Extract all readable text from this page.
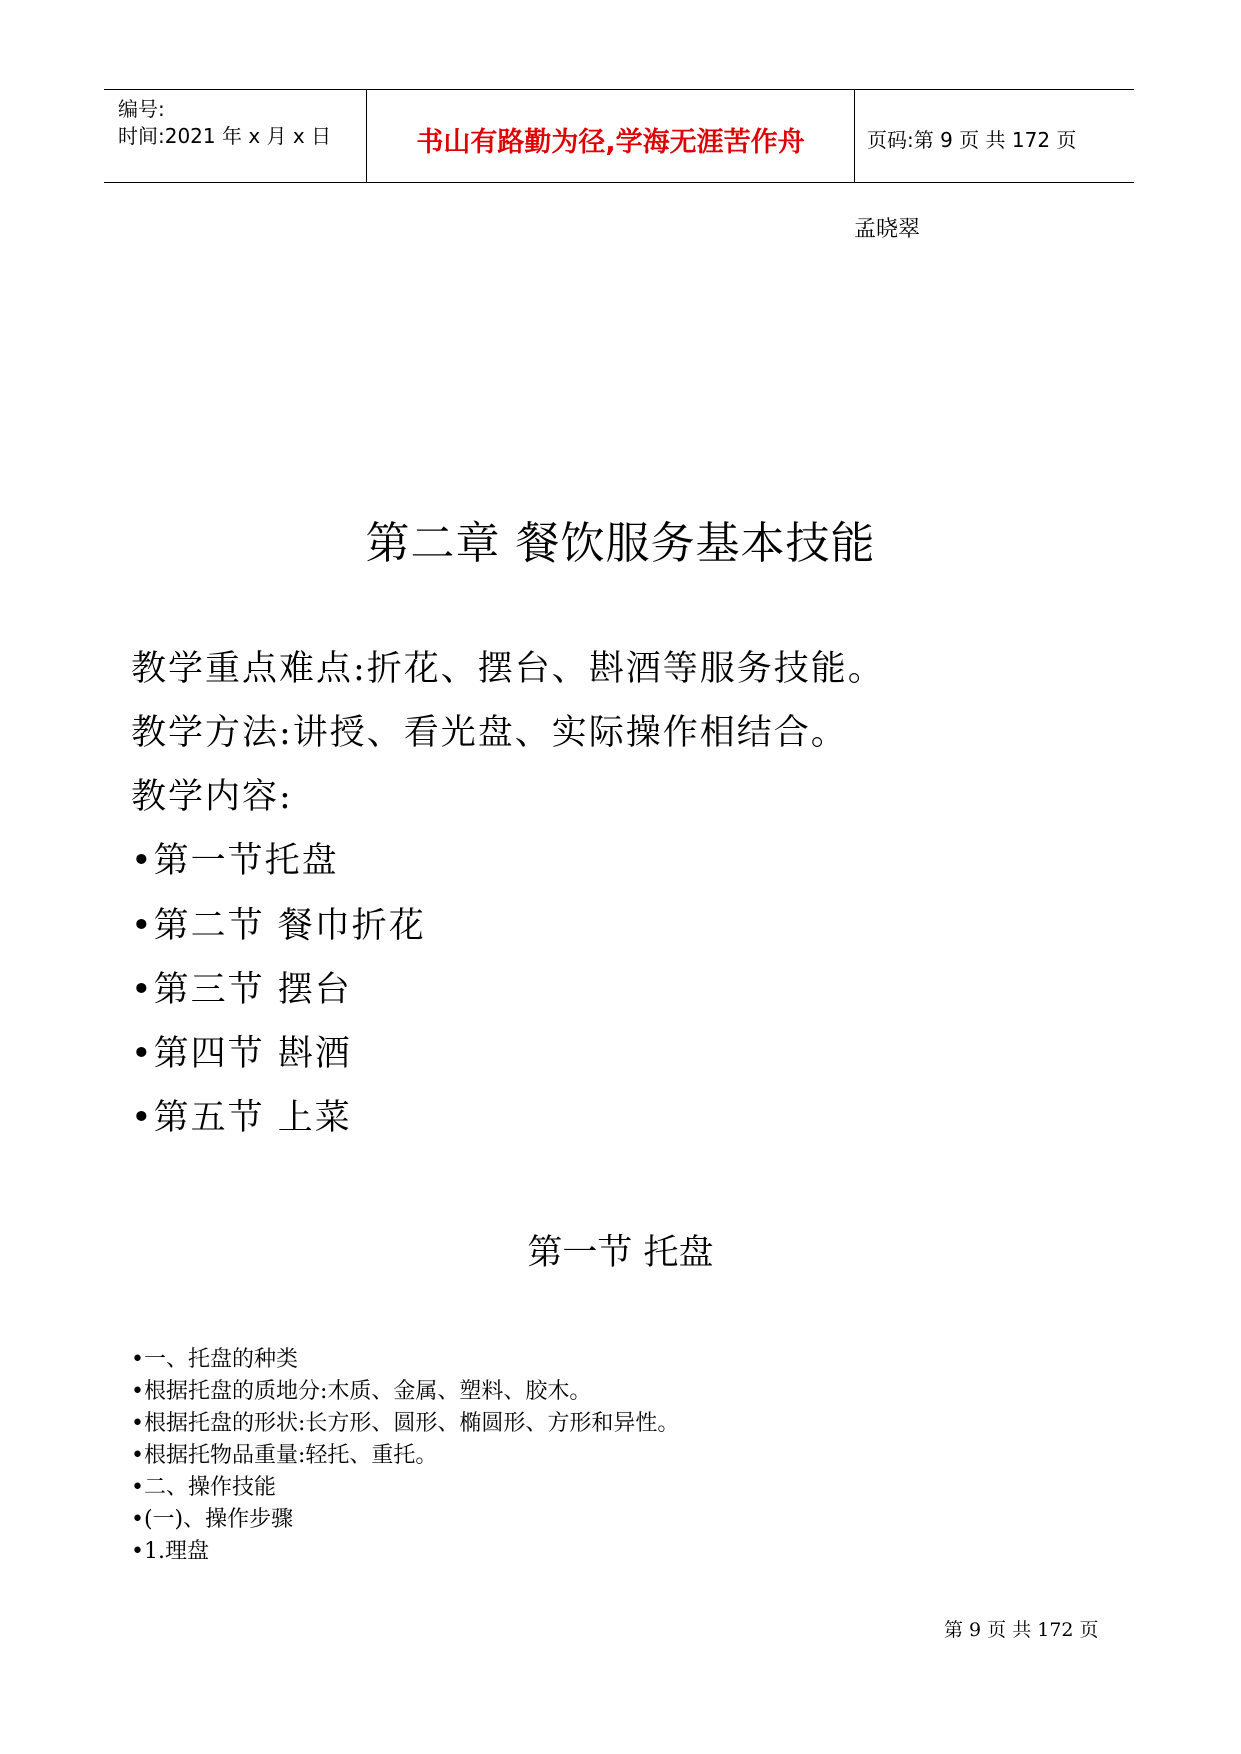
编号:
时间:2021 年 x 月 x 日	书山有路勤为径,学海无涯苦作舟	页码:第 9 页 共 172 页
孟晓翠
第二章 餐饮服务基本技能
教学重点难点:折花、摆台、斟酒等服务技能。
教学方法:讲授、看光盘、实际操作相结合。
教学内容:
•第一节托盘
•第二节 餐巾折花
•第三节 摆台
•第四节 斟酒
•第五节 上菜
第一节 托盘
•一、托盘的种类
•根据托盘的质地分:木质、金属、塑料、胶木。
•根据托盘的形状:长方形、圆形、椭圆形、方形和异性。
•根据托物品重量:轻托、重托。
•二、操作技能
•(一)、操作步骤
•1.理盘
第 9 页 共 172 页
